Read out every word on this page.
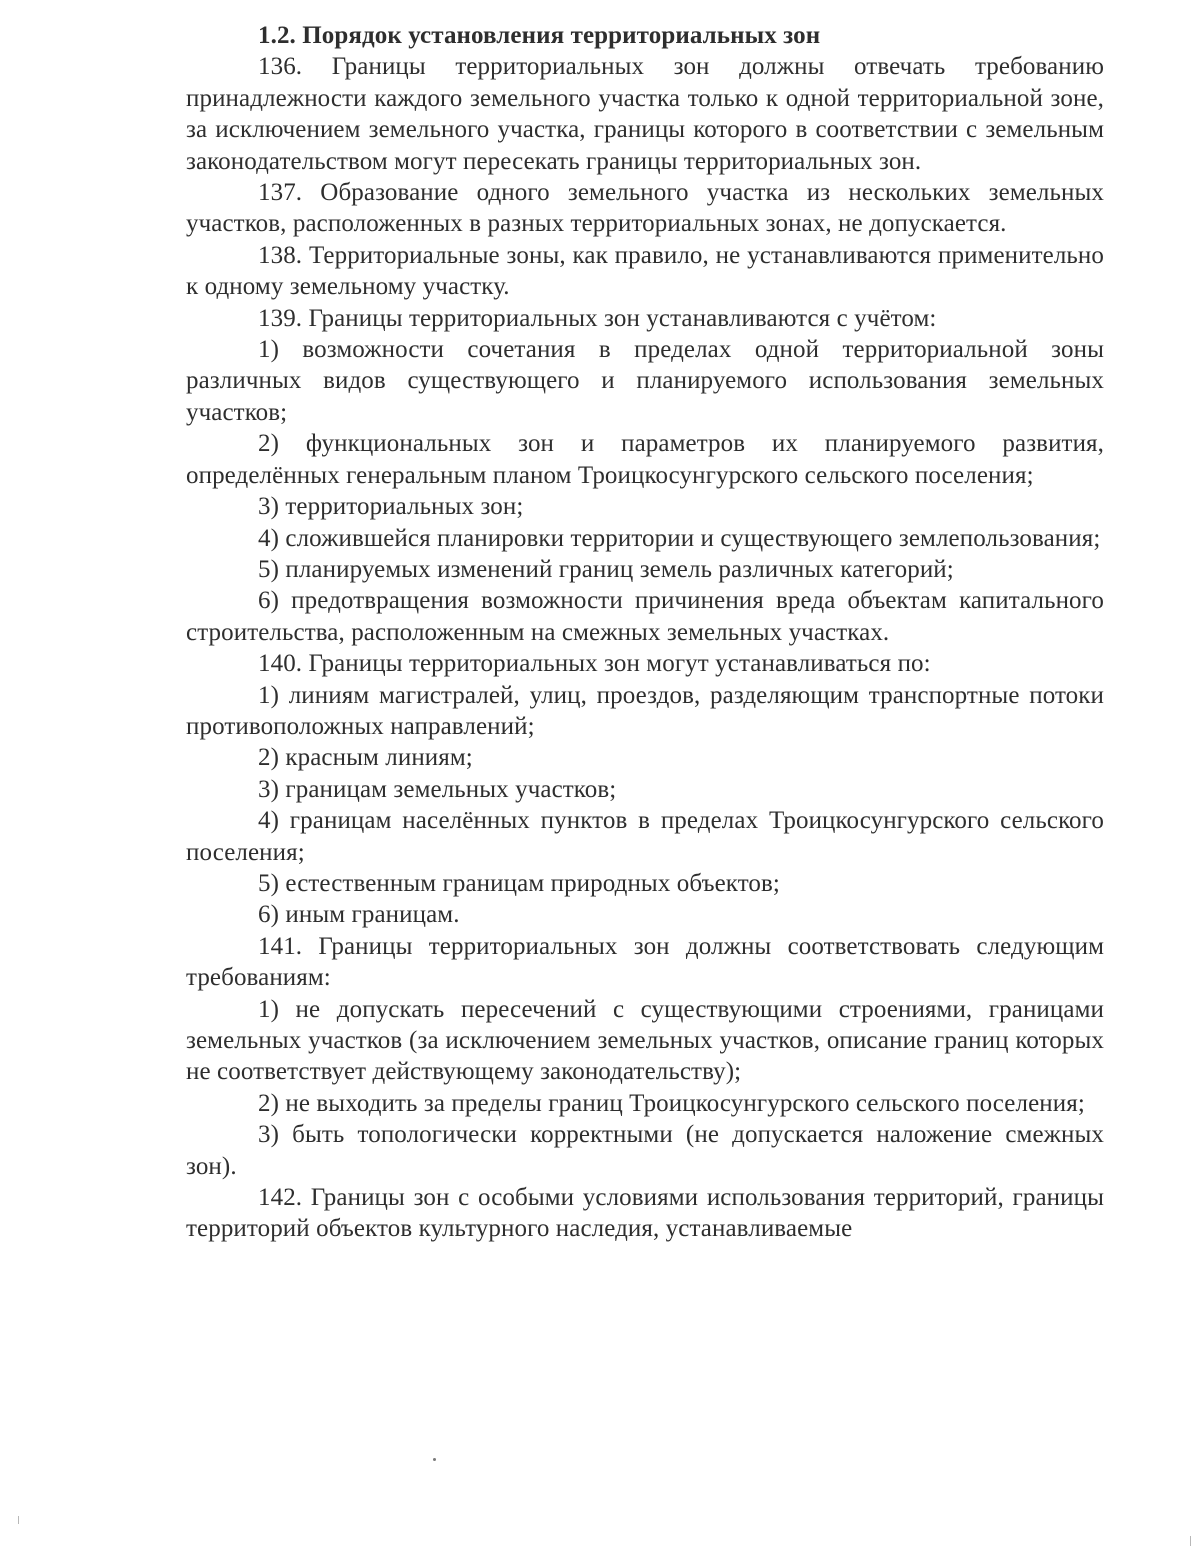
1.2. Порядок установления территориальных зон

136. Границы территориальных зон должны отвечать требованию принадлежности каждого земельного участка только к одной территориальной зоне, за исключением земельного участка, границы которого в соответствии с земельным законодательством могут пересекать границы территориальных зон.

137. Образование одного земельного участка из нескольких земельных участков, расположенных в разных территориальных зонах, не допускается.

138. Территориальные зоны, как правило, не устанавливаются применительно к одному земельному участку.

139. Границы территориальных зон устанавливаются с учётом:

1) возможности сочетания в пределах одной территориальной зоны различных видов существующего и планируемого использования земельных участков;

2) функциональных зон и параметров их планируемого развития, определённых генеральным планом Троицкосунгурского сельского поселения;

3) территориальных зон;

4) сложившейся планировки территории и существующего землепользования;

5) планируемых изменений границ земель различных категорий;

6) предотвращения возможности причинения вреда объектам капитального строительства, расположенным на смежных земельных участках.

140. Границы территориальных зон могут устанавливаться по:

1) линиям магистралей, улиц, проездов, разделяющим транспортные потоки противоположных направлений;

2) красным линиям;

3) границам земельных участков;

4) границам населённых пунктов в пределах Троицкосунгурского сельского поселения;

5) естественным границам природных объектов;

6) иным границам.

141. Границы территориальных зон должны соответствовать следующим требованиям:

1) не допускать пересечений с существующими строениями, границами земельных участков (за исключением земельных участков, описание границ которых не соответствует действующему законодательству);

2) не выходить за пределы границ Троицкосунгурского сельского поселения;

3) быть топологически корректными (не допускается наложение смежных зон).

142. Границы зон с особыми условиями использования территорий, границы территорий объектов культурного наследия, устанавливаемые
